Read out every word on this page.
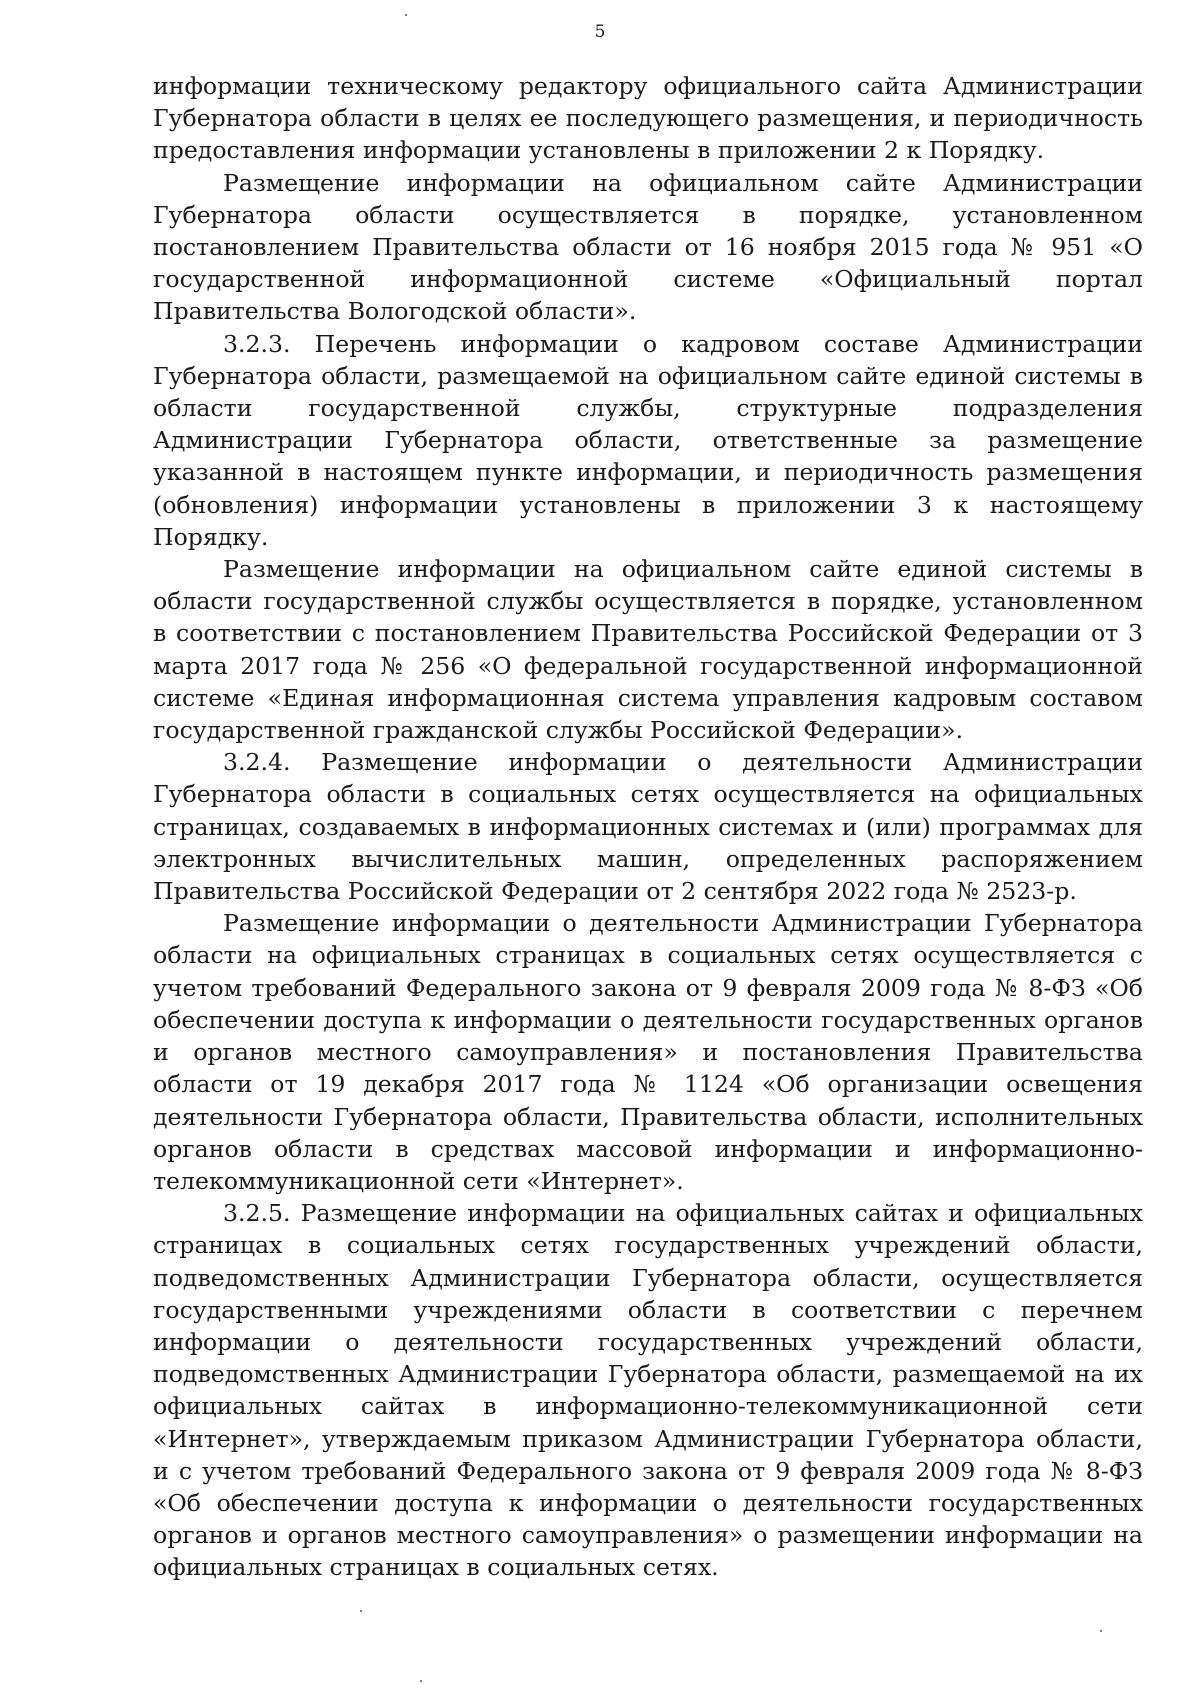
5

информации техническому редактору официального сайта Администрации Губернатора области в целях ее последующего размещения, и периодичность предоставления информации установлены в приложении 2 к Порядку.

Размещение информации на официальном сайте Администрации Губернатора области осуществляется в порядке, установленном постановлением Правительства области от 16 ноября 2015 года № 951 «О государственной информационной системе «Официальный портал Правительства Вологодской области».

3.2.3. Перечень информации о кадровом составе Администрации Губернатора области, размещаемой на официальном сайте единой системы в области государственной службы, структурные подразделения Администрации Губернатора области, ответственные за размещение указанной в настоящем пункте информации, и периодичность размещения (обновления) информации установлены в приложении 3 к настоящему Порядку.

Размещение информации на официальном сайте единой системы в области государственной службы осуществляется в порядке, установленном в соответствии с постановлением Правительства Российской Федерации от 3 марта 2017 года № 256 «О федеральной государственной информационной системе «Единая информационная система управления кадровым составом государственной гражданской службы Российской Федерации».

3.2.4. Размещение информации о деятельности Администрации Губернатора области в социальных сетях осуществляется на официальных страницах, создаваемых в информационных системах и (или) программах для электронных вычислительных машин, определенных распоряжением Правительства Российской Федерации от 2 сентября 2022 года № 2523-р.

Размещение информации о деятельности Администрации Губернатора области на официальных страницах в социальных сетях осуществляется с учетом требований Федерального закона от 9 февраля 2009 года № 8-ФЗ «Об обеспечении доступа к информации о деятельности государственных органов и органов местного самоуправления» и постановления Правительства области от 19 декабря 2017 года № 1124 «Об организации освещения деятельности Губернатора области, Правительства области, исполнительных органов области в средствах массовой информации и информационно-телекоммуникационной сети «Интернет».

3.2.5. Размещение информации на официальных сайтах и официальных страницах в социальных сетях государственных учреждений области, подведомственных Администрации Губернатора области, осуществляется государственными учреждениями области в соответствии с перечнем информации о деятельности государственных учреждений области, подведомственных Администрации Губернатора области, размещаемой на их официальных сайтах в информационно-телекоммуникационной сети «Интернет», утверждаемым приказом Администрации Губернатора области, и с учетом требований Федерального закона от 9 февраля 2009 года № 8-ФЗ «Об обеспечении доступа к информации о деятельности государственных органов и органов местного самоуправления» о размещении информации на официальных страницах в социальных сетях.
